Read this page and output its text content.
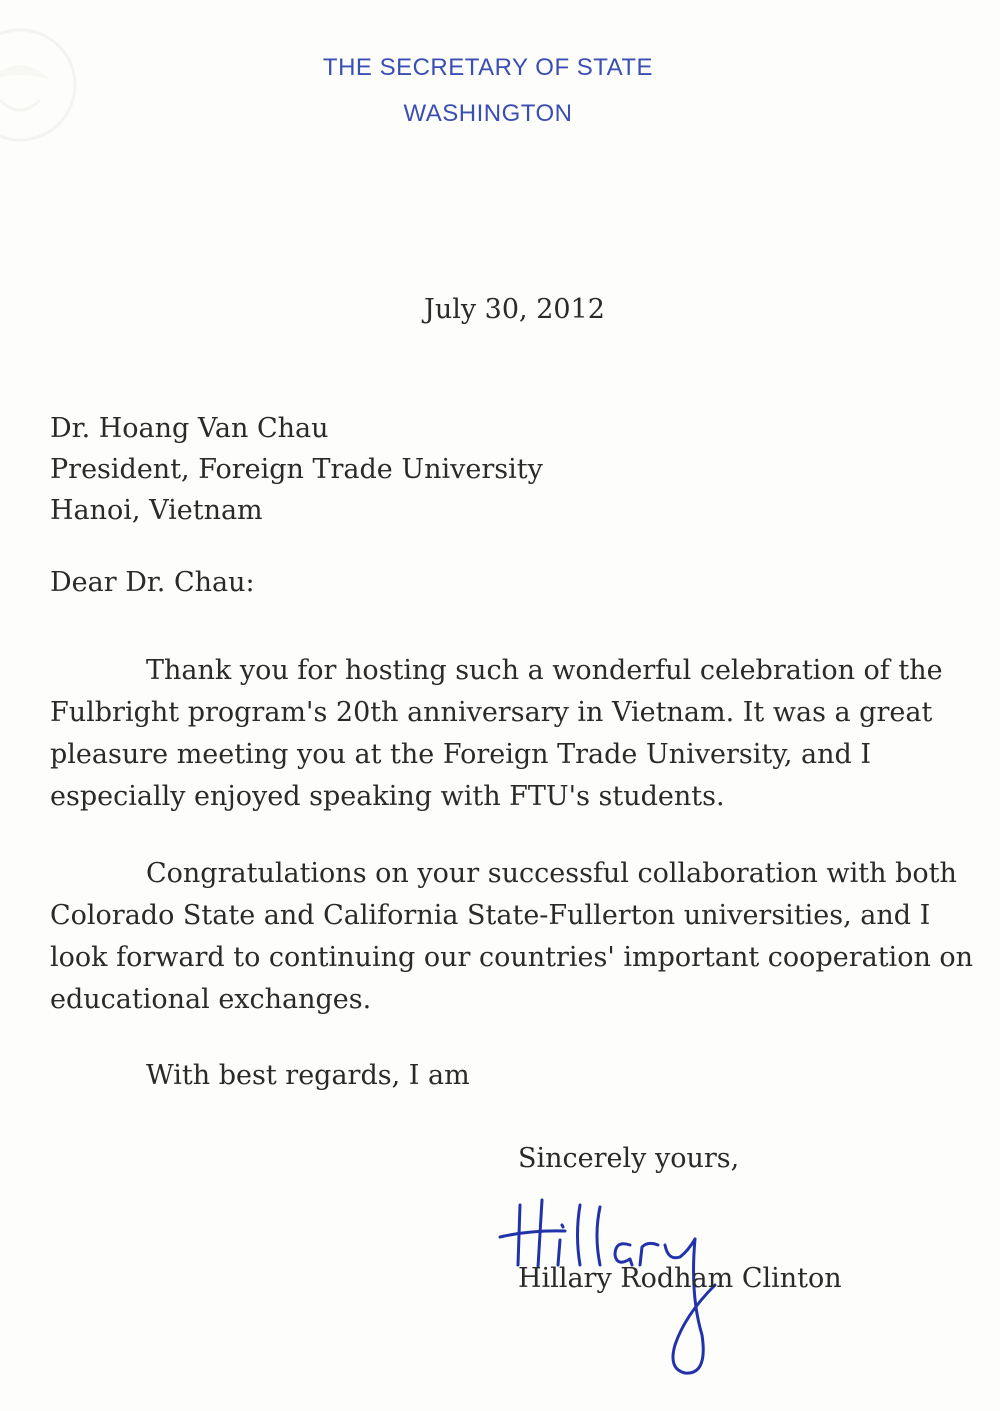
THE SECRETARY OF STATE
WASHINGTON
July 30, 2012
Dr. Hoang Van Chau
President, Foreign Trade University
Hanoi, Vietnam
Dear Dr. Chau:
Thank you for hosting such a wonderful celebration of the
Fulbright program's 20th anniversary in Vietnam. It was a great
pleasure meeting you at the Foreign Trade University, and I
especially enjoyed speaking with FTU's students.
Congratulations on your successful collaboration with both
Colorado State and California State-Fullerton universities, and I
look forward to continuing our countries' important cooperation on
educational exchanges.
With best regards, I am
Sincerely yours,
Hillary Rodham Clinton
